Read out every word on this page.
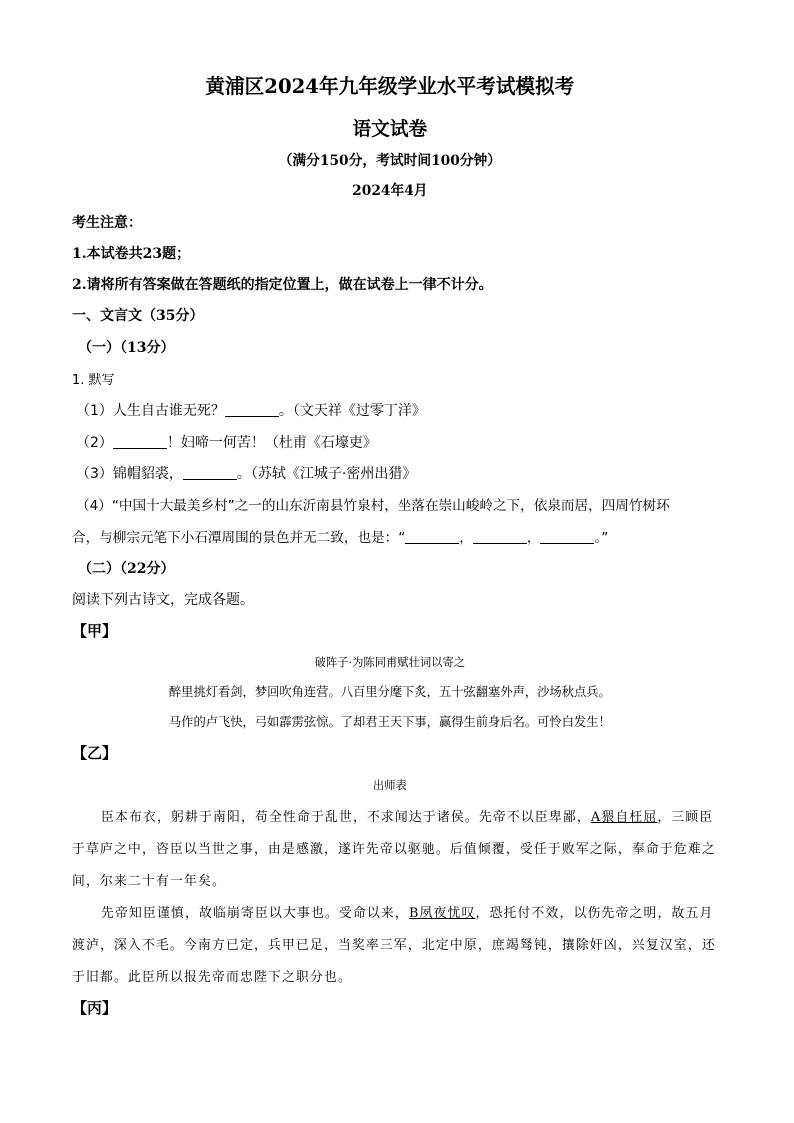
黄浦区2024年九年级学业水平考试模拟考
语文试卷
（满分150分，考试时间100分钟）
2024年4月
考生注意：
1.本试卷共23题；
2.请将所有答案做在答题纸的指定位置上，做在试卷上一律不计分。
一、文言文（35分）
（一）（13分）
1. 默写
（1）人生自古谁无死？	。（文天祥《过零丁洋》
（2）	！妇啼一何苦！（杜甫《石壕吏》
（3）锦帽貂裘，	。（苏轼《江城子·密州出猎》
（4）“中国十大最美乡村”之一的山东沂南县竹泉村，坐落在崇山峻岭之下，依泉而居，四周竹树环
合，与柳宗元笔下小石潭周围的景色并无二致，也是：“	，	，	。”
（二）（22分）
阅读下列古诗文，完成各题。
【甲】
破阵子·为陈同甫赋壮词以寄之
醉里挑灯看剑，梦回吹角连营。八百里分麾下炙，五十弦翻塞外声，沙场秋点兵。
马作的卢飞快，弓如霹雳弦惊。了却君王天下事，赢得生前身后名。可怜白发生！
【乙】
出师表
臣本布衣，躬耕于南阳，苟全性命于乱世，不求闻达于诸侯。先帝不以臣卑鄙，A猥自枉屈，三顾臣
于草庐之中，咨臣以当世之事，由是感激，遂许先帝以驱驰。后值倾覆，受任于败军之际，奉命于危难之
间，尔来二十有一年矣。
先帝知臣谨慎，故临崩寄臣以大事也。受命以来，B夙夜忧叹，恐托付不效，以伤先帝之明，故五月
渡泸，深入不毛。今南方已定，兵甲已足，当奖率三军，北定中原，庶竭驽钝，攘除奸凶，兴复汉室，还
于旧都。此臣所以报先帝而忠陛下之职分也。
【丙】
